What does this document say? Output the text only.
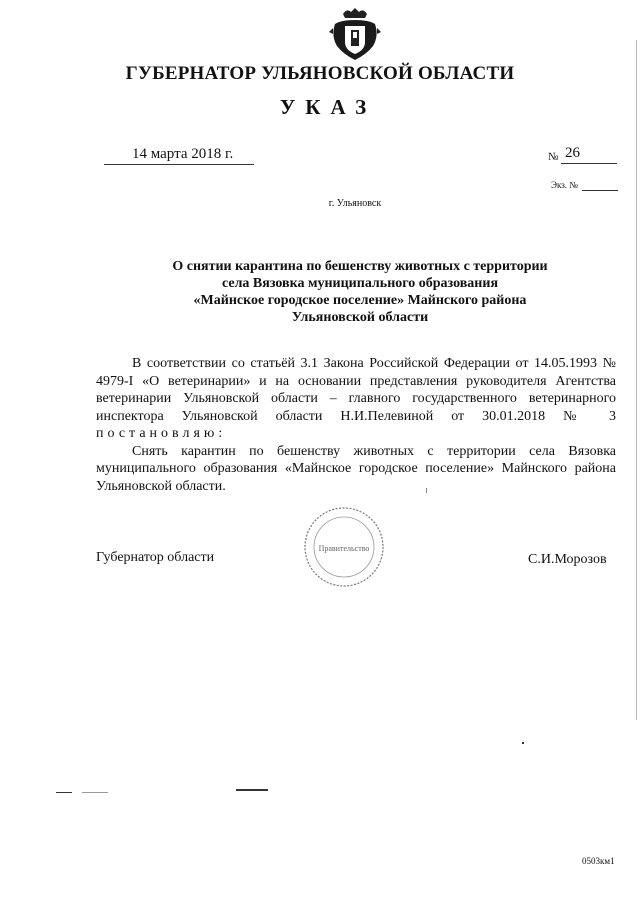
ГУБЕРНАТОР УЛЬЯНОВСКОЙ ОБЛАСТИ
УКАЗ
14 марта 2018 г.	№ 26
Экз. №
г. Ульяновск
О снятии карантина по бешенству животных с территории
села Вязовка муниципального образования
«Майнское городское поселение» Майнского района
Ульяновской области

В соответствии со статьёй 3.1 Закона Российской Федерации от 14.05.1993 № 4979-I «О ветеринарии» и на основании представления руководителя Агентства ветеринарии Ульяновской области – главного государственного ветеринарного инспектора Ульяновской области Н.И.Пелевиной от 30.01.2018 № 3 постановляю:

Снять карантин по бешенству животных с территории села Вязовка муниципального образования «Майнское городское поселение» Майнского района Ульяновской области.

Правительство
Губернатор области	С.И.Морозов
0503км1
